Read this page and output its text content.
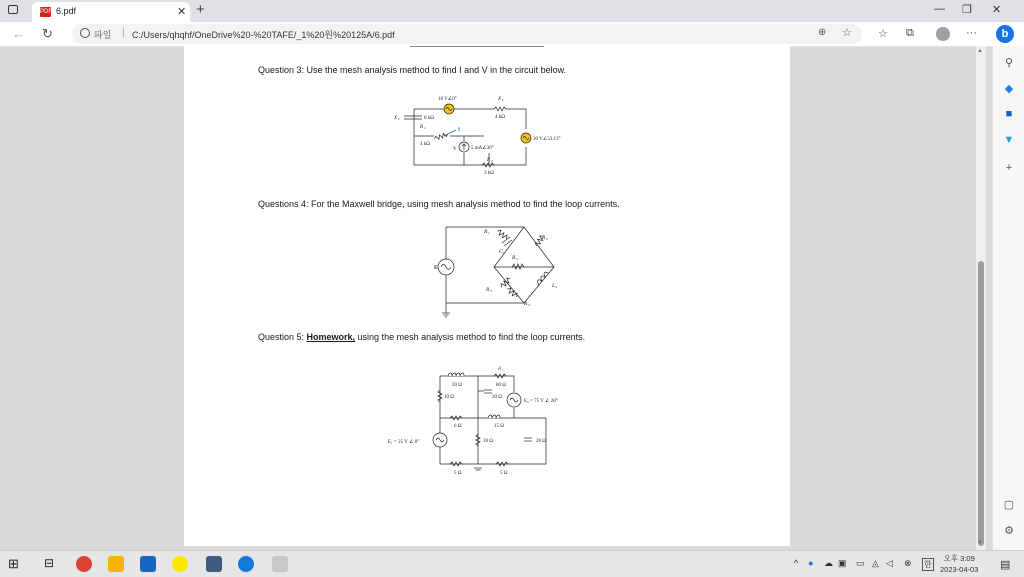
PDF 6.pdf	✕ +	— ❐ ✕
← ↻	파일 | C:/Users/qhqhf/OneDrive%20-%20TAFE/_1%20원%20125A/6.pdf	⊕ ☆ ☆ ⧉	···	b
⚲
◆
■
▼
+
▢
⚙
▲
▼
Question 3: Use the mesh analysis method to find I and V in the circuit below.
18 V∠0°	X L
4 kΩ
X C	8 kΩ
R 1
4 kΩ
I
V	5 mA∠30°
R 2
3 kΩ
30 V∠53.13°
Questions 4: For the Maxwell bridge, using mesh analysis method to find the loop currents.
E
R 1
C 1
R 2
R 5
R 3
L 4
R 4
Question 5: Homework, using the mesh analysis method to find the loop currents.
R 1
20 Ω	80 Ω
10 Ω	20 Ω
E₂ = 75 V ∠ 20°
6 Ω	15 Ω
10 Ω	20 Ω
E₁ = 25 V ∠ 0°
5 Ω	5 Ω
⊞ ⊟	^ ● ☁ ▣ ▭ ◬ ◁ ⊗ 한
오후 3:09
2023-04-03 ▤
